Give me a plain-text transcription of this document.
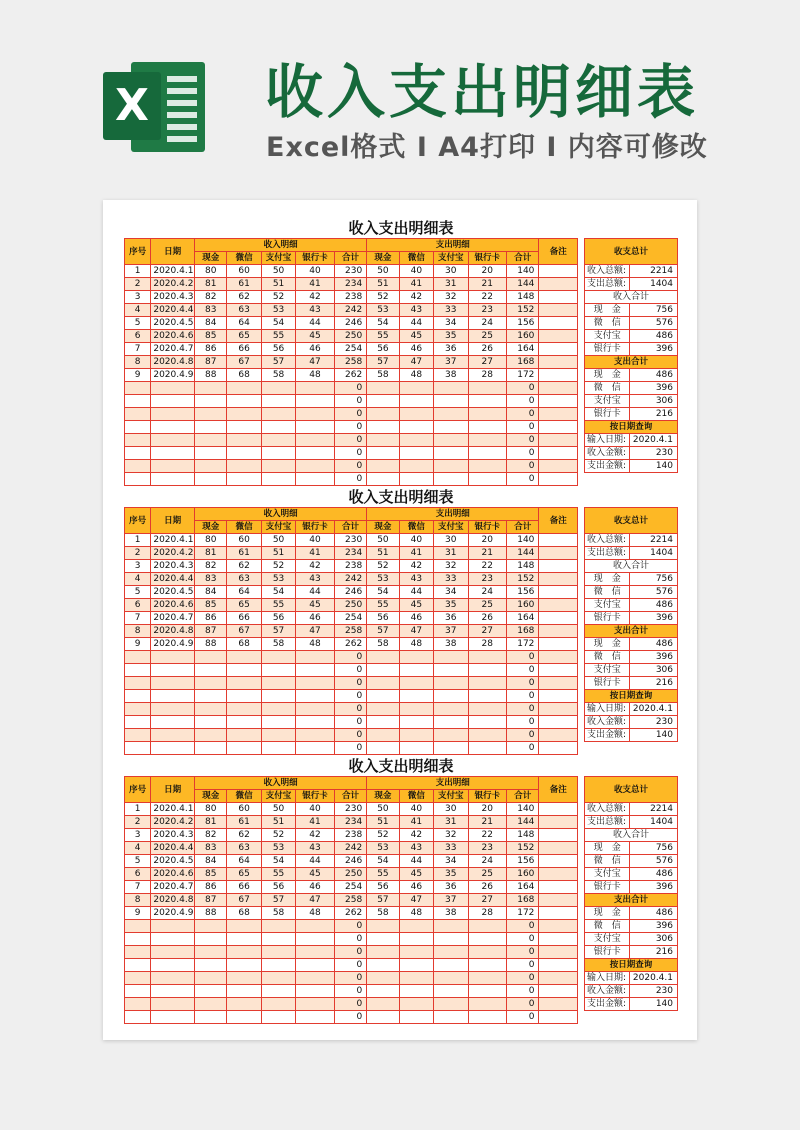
X 收入支出明细表
Excel格式 I A4打印 I 内容可修改
收入支出明细表
序号	日期	收入明细					支出明细					备注
		现金	微信	支付宝	银行卡	合计	现金	微信	支付宝	银行卡	合计	
1	2020.4.1	80	60	50	40	230	50	40	30	20	140	
2	2020.4.2	81	61	51	41	234	51	41	31	21	144	
3	2020.4.3	82	62	52	42	238	52	42	32	22	148	
4	2020.4.4	83	63	53	43	242	53	43	33	23	152	
5	2020.4.5	84	64	54	44	246	54	44	34	24	156	
6	2020.4.6	85	65	55	45	250	55	45	35	25	160	
7	2020.4.7	86	66	56	46	254	56	46	36	26	164	
8	2020.4.8	87	67	57	47	258	57	47	37	27	168	
9	2020.4.9	88	68	58	48	262	58	48	38	28	172	
						0					0	
						0					0	
						0					0	
						0					0	
						0					0	
						0					0	
						0					0	
						0					0	
收支总计	

收入总额:	2214
支出总额:	1404
收入合计	
现　金	756
微　信	576
支付宝	486
银行卡	396
支出合计	
现　金	486
微　信	396
支付宝	306
银行卡	216
按日期查询	
输入日期:	2020.4.1
收入金额:	230
支出金额:	140
收入支出明细表
序号	日期	收入明细					支出明细					备注
		现金	微信	支付宝	银行卡	合计	现金	微信	支付宝	银行卡	合计	
1	2020.4.1	80	60	50	40	230	50	40	30	20	140	
2	2020.4.2	81	61	51	41	234	51	41	31	21	144	
3	2020.4.3	82	62	52	42	238	52	42	32	22	148	
4	2020.4.4	83	63	53	43	242	53	43	33	23	152	
5	2020.4.5	84	64	54	44	246	54	44	34	24	156	
6	2020.4.6	85	65	55	45	250	55	45	35	25	160	
7	2020.4.7	86	66	56	46	254	56	46	36	26	164	
8	2020.4.8	87	67	57	47	258	57	47	37	27	168	
9	2020.4.9	88	68	58	48	262	58	48	38	28	172	
						0					0	
						0					0	
						0					0	
						0					0	
						0					0	
						0					0	
						0					0	
						0					0	
收支总计	

收入总额:	2214
支出总额:	1404
收入合计	
现　金	756
微　信	576
支付宝	486
银行卡	396
支出合计	
现　金	486
微　信	396
支付宝	306
银行卡	216
按日期查询	
输入日期:	2020.4.1
收入金额:	230
支出金额:	140
收入支出明细表
序号	日期	收入明细					支出明细					备注
		现金	微信	支付宝	银行卡	合计	现金	微信	支付宝	银行卡	合计	
1	2020.4.1	80	60	50	40	230	50	40	30	20	140	
2	2020.4.2	81	61	51	41	234	51	41	31	21	144	
3	2020.4.3	82	62	52	42	238	52	42	32	22	148	
4	2020.4.4	83	63	53	43	242	53	43	33	23	152	
5	2020.4.5	84	64	54	44	246	54	44	34	24	156	
6	2020.4.6	85	65	55	45	250	55	45	35	25	160	
7	2020.4.7	86	66	56	46	254	56	46	36	26	164	
8	2020.4.8	87	67	57	47	258	57	47	37	27	168	
9	2020.4.9	88	68	58	48	262	58	48	38	28	172	
						0					0	
						0					0	
						0					0	
						0					0	
						0					0	
						0					0	
						0					0	
						0					0	
收支总计	

收入总额:	2214
支出总额:	1404
收入合计	
现　金	756
微　信	576
支付宝	486
银行卡	396
支出合计	
现　金	486
微　信	396
支付宝	306
银行卡	216
按日期查询	
输入日期:	2020.4.1
收入金额:	230
支出金额:	140
